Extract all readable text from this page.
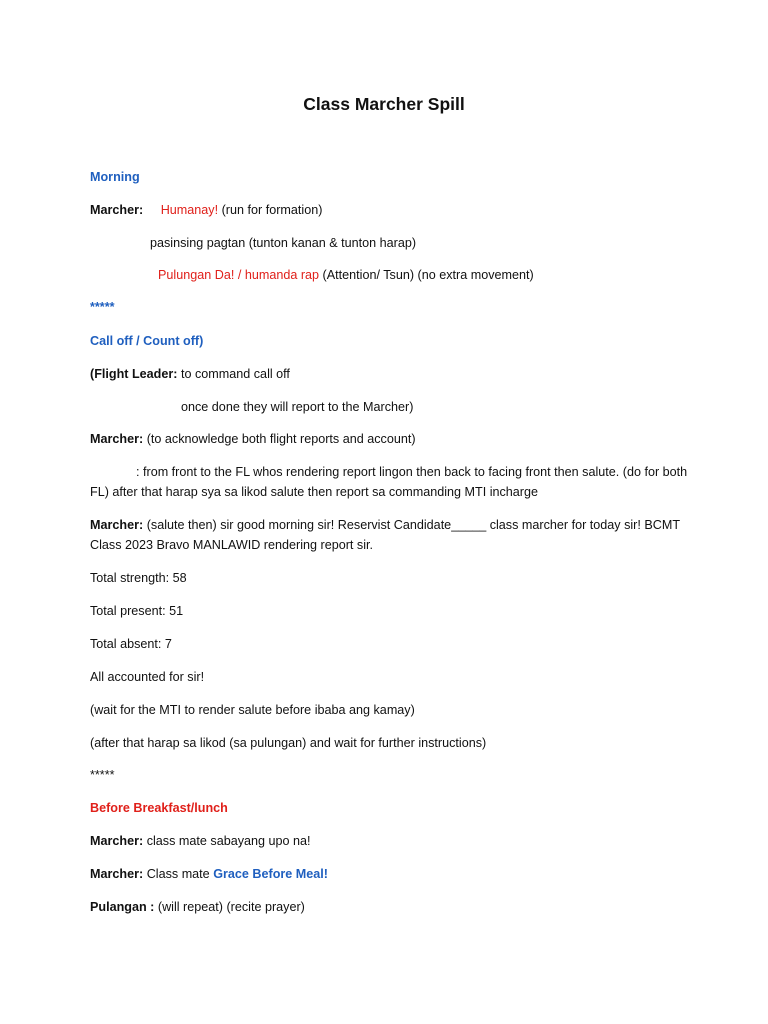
Class Marcher Spill
Morning
Marcher: Humanay! (run for formation)
pasinsing pagtan (tunton kanan & tunton harap)
Pulungan Da! / humanda rap (Attention/ Tsun) (no extra movement)
*****
Call off / Count off)
(Flight Leader: to command call off
once done they will report to the Marcher)
Marcher: (to acknowledge both flight reports and account)
: from front to the FL whos rendering report lingon then back to facing front then salute. (do for both FL) after that harap sya sa likod salute then report sa commanding MTI incharge
Marcher: (salute then) sir good morning sir! Reservist Candidate_____ class marcher for today sir! BCMT Class 2023 Bravo MANLAWID rendering report sir.
Total strength: 58
Total present: 51
Total absent: 7
All accounted for sir!
(wait for the MTI to render salute before ibaba ang kamay)
(after that harap sa likod (sa pulungan) and wait for further instructions)
*****
Before Breakfast/lunch
Marcher: class mate sabayang upo na!
Marcher: Class mate Grace Before Meal!
Pulangan : (will repeat) (recite prayer)
